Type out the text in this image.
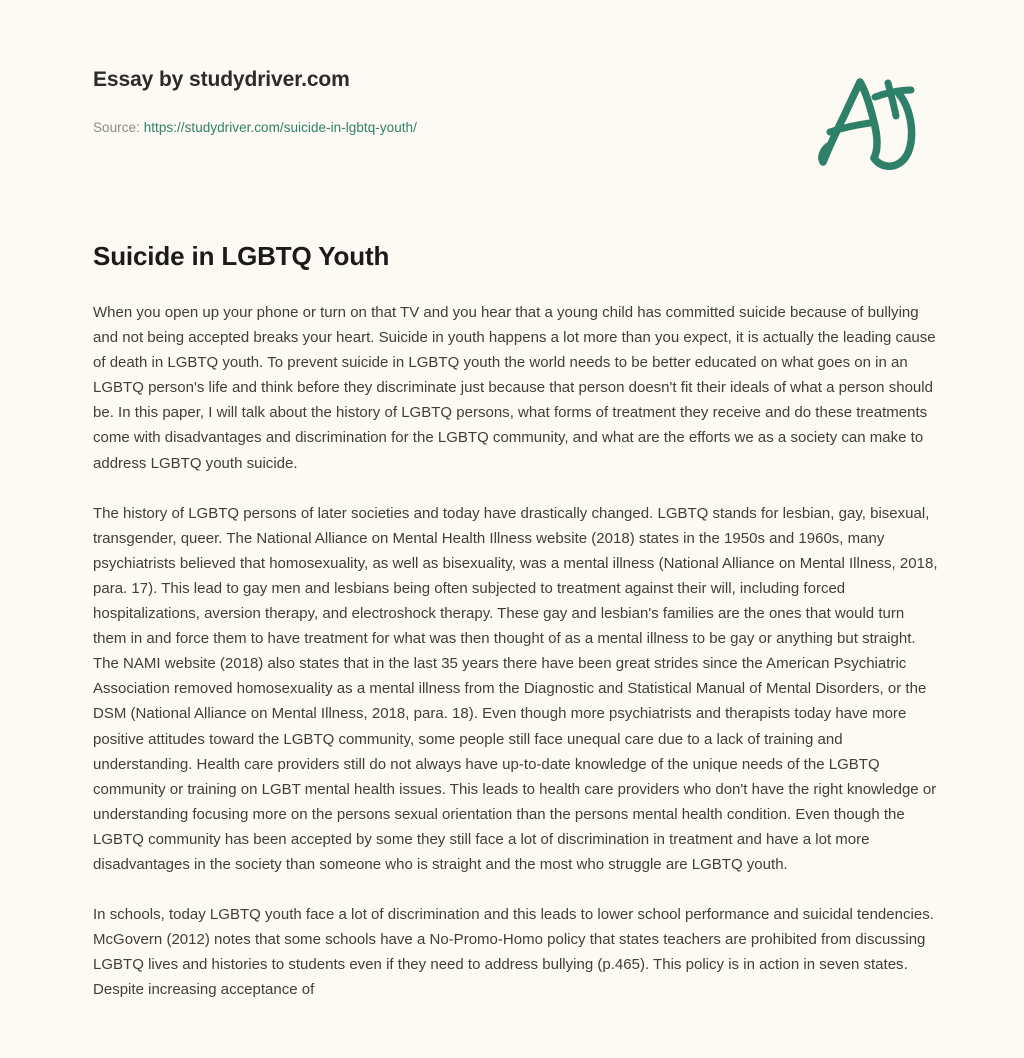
Essay by studydriver.com
Source: https://studydriver.com/suicide-in-lgbtq-youth/
Suicide in LGBTQ Youth

When you open up your phone or turn on that TV and you hear that a young child has committed suicide because of bullying and not being accepted breaks your heart. Suicide in youth happens a lot more than you expect, it is actually the leading cause of death in LGBTQ youth. To prevent suicide in LGBTQ youth the world needs to be better educated on what goes on in an LGBTQ person's life and think before they discriminate just because that person doesn't fit their ideals of what a person should be. In this paper, I will talk about the history of LGBTQ persons, what forms of treatment they receive and do these treatments come with disadvantages and discrimination for the LGBTQ community, and what are the efforts we as a society can make to address LGBTQ youth suicide.

The history of LGBTQ persons of later societies and today have drastically changed. LGBTQ stands for lesbian, gay, bisexual, transgender, queer. The National Alliance on Mental Health Illness website (2018) states in the 1950s and 1960s, many psychiatrists believed that homosexuality, as well as bisexuality, was a mental illness (National Alliance on Mental Illness, 2018, para. 17). This lead to gay men and lesbians being often subjected to treatment against their will, including forced hospitalizations, aversion therapy, and electroshock therapy. These gay and lesbian's families are the ones that would turn them in and force them to have treatment for what was then thought of as a mental illness to be gay or anything but straight. The NAMI website (2018) also states that in the last 35 years there have been great strides since the American Psychiatric Association removed homosexuality as a mental illness from the Diagnostic and Statistical Manual of Mental Disorders, or the DSM (National Alliance on Mental Illness, 2018, para. 18). Even though more psychiatrists and therapists today have more positive attitudes toward the LGBTQ community, some people still face unequal care due to a lack of training and understanding. Health care providers still do not always have up-to-date knowledge of the unique needs of the LGBTQ community or training on LGBT mental health issues. This leads to health care providers who don't have the right knowledge or understanding focusing more on the persons sexual orientation than the persons mental health condition. Even though the LGBTQ community has been accepted by some they still face a lot of discrimination in treatment and have a lot more disadvantages in the society than someone who is straight and the most who struggle are LGBTQ youth.

In schools, today LGBTQ youth face a lot of discrimination and this leads to lower school performance and suicidal tendencies. McGovern (2012) notes that some schools have a No-Promo-Homo policy that states teachers are prohibited from discussing LGBTQ lives and histories to students even if they need to address bullying (p.465). This policy is in action in seven states. Despite increasing acceptance of
